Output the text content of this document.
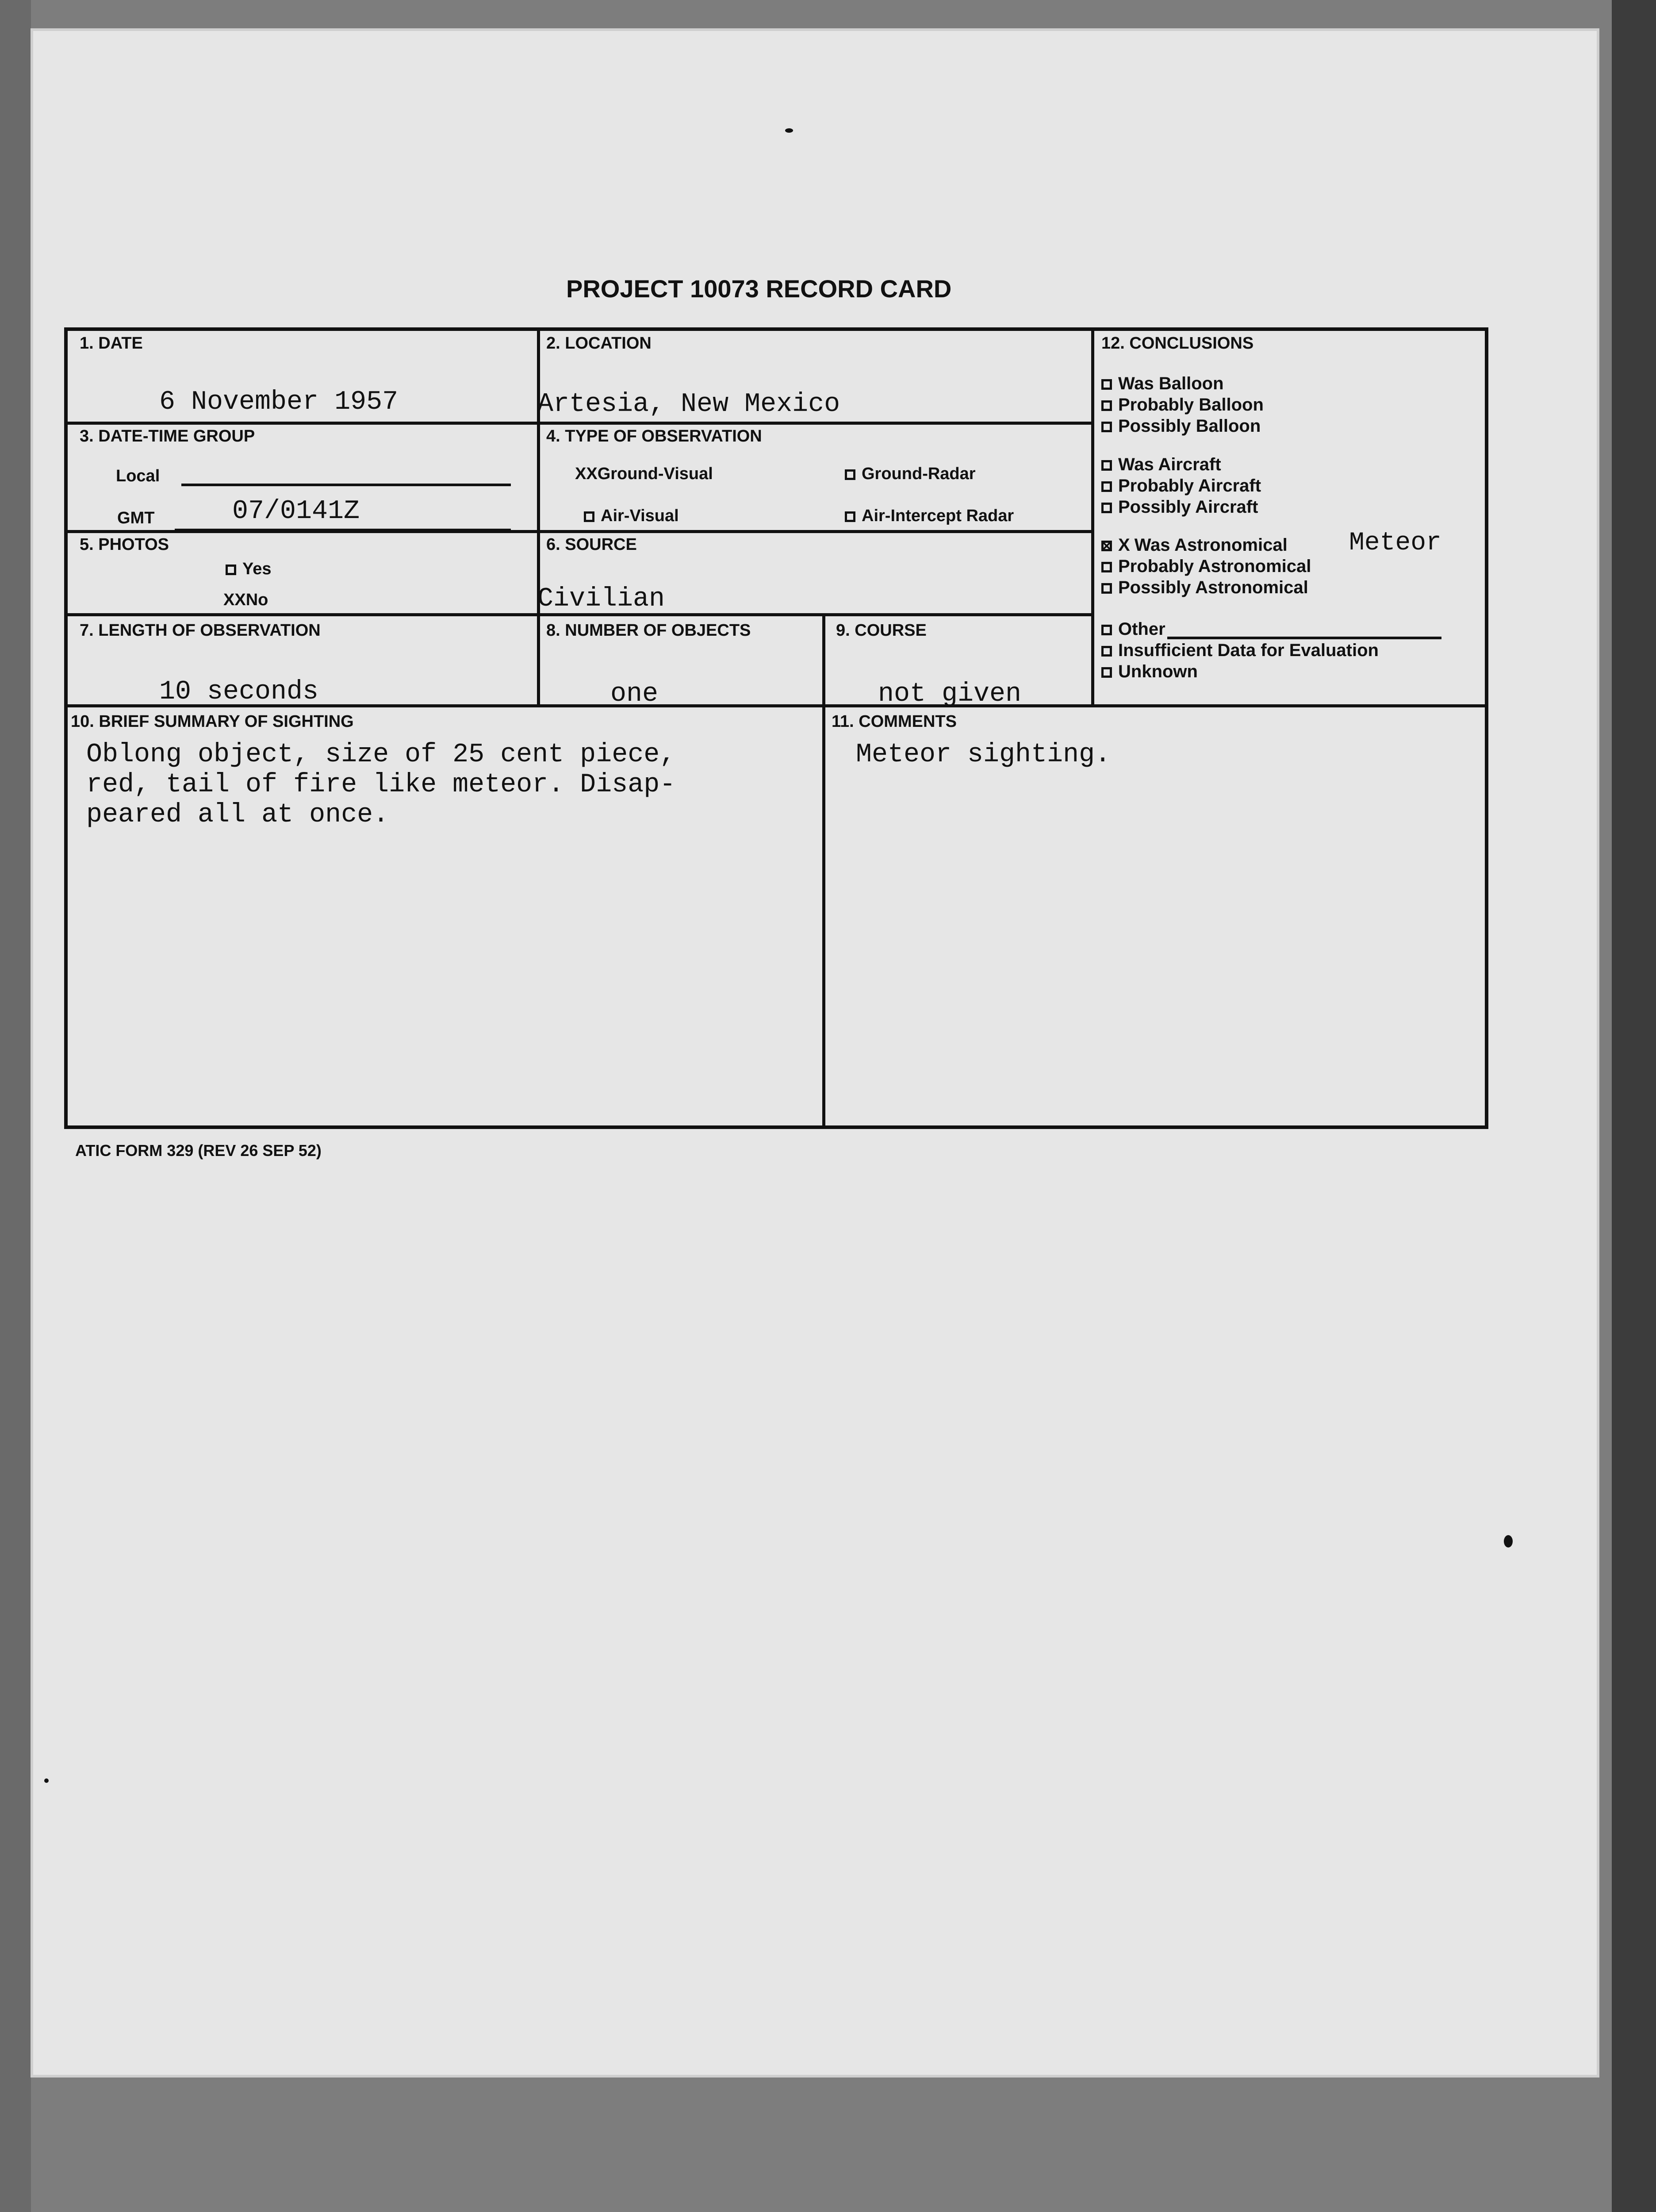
PROJECT 10073 RECORD CARD
1. DATE
6 November 1957
2. LOCATION
Artesia, New Mexico
3. DATE-TIME GROUP
Local
GMT	07/0141Z
4. TYPE OF OBSERVATION
XXGround-Visual	Ground-Radar
Air-Visual	Air-Intercept Radar
5. PHOTOS
Yes
XXNo
6. SOURCE
Civilian
7. LENGTH OF OBSERVATION
10 seconds
8. NUMBER OF OBJECTS
one
9. COURSE
not given
10. BRIEF SUMMARY OF SIGHTING
Oblong object, size of 25 cent piece,
red, tail of fire like meteor. Disap-
peared all at once.
11. COMMENTS
Meteor sighting.
12. CONCLUSIONS
Was Balloon
Probably Balloon
Possibly Balloon
Was Aircraft
Probably Aircraft
Possibly Aircraft
X Was Astronomical Meteor
Probably Astronomical
Possibly Astronomical
Other
Insufficient Data for Evaluation
Unknown
ATIC FORM 329 (REV 26 SEP 52)
